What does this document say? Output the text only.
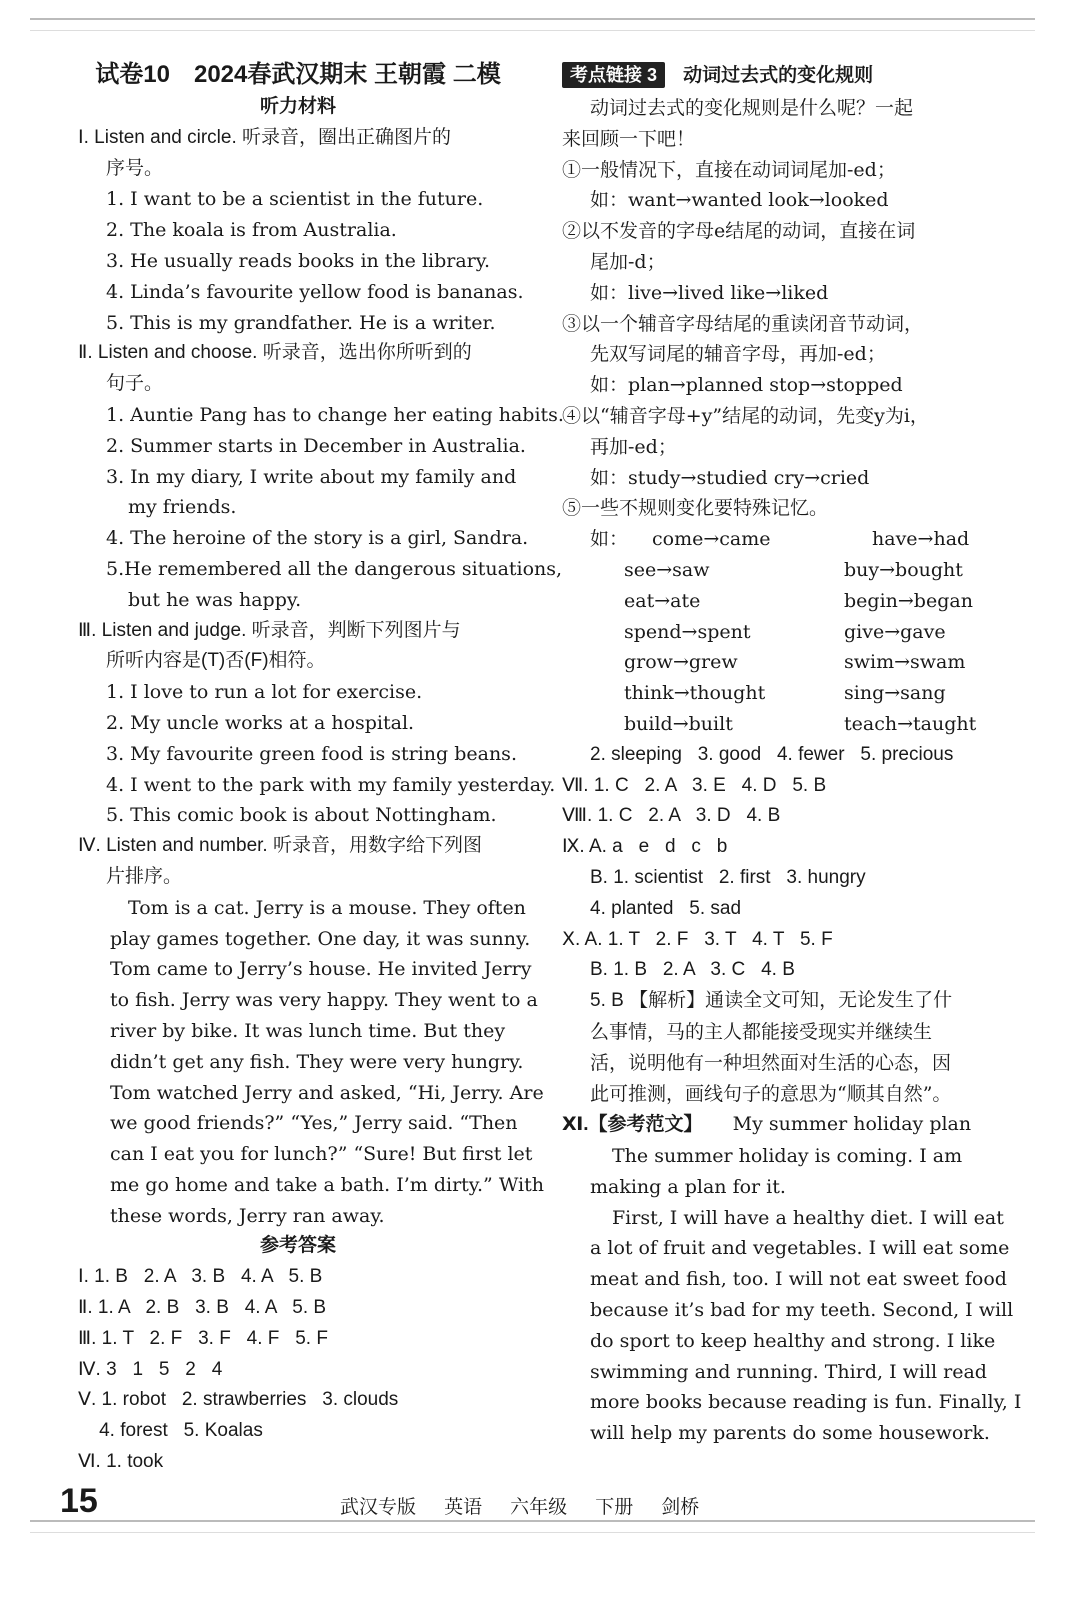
试卷10　2024春武汉期末 王朝霞 二模
听力材料
Ⅰ. Listen and circle. 听录音，圈出正确图片的
序号。
1. I want to be a scientist in the future.
2. The koala is from Australia.
3. He usually reads books in the library.
4. Linda’s favourite yellow food is bananas.
5. This is my grandfather. He is a writer.
Ⅱ. Listen and choose. 听录音，选出你所听到的
句子。
1. Auntie Pang has to change her eating habits.
2. Summer starts in December in Australia.
3. In my diary, I write about my family and
my friends.
4. The heroine of the story is a girl, Sandra.
5.He remembered all the dangerous situations,
but he was happy.
Ⅲ. Listen and judge. 听录音，判断下列图片与
所听内容是(T)否(F)相符。
1. I love to run a lot for exercise.
2. My uncle works at a hospital.
3. My favourite green food is string beans.
4. I went to the park with my family yesterday.
5. This comic book is about Nottingham.
Ⅳ. Listen and number. 听录音，用数字给下列图
片排序。
Tom is a cat. Jerry is a mouse. They often
play games together. One day, it was sunny.
Tom came to Jerry’s house. He invited Jerry
to fish. Jerry was very happy. They went to a
river by bike. It was lunch time. But they
didn’t get any fish. They were very hungry.
Tom watched Jerry and asked, “Hi, Jerry. Are
we good friends?” “Yes,” Jerry said. “Then
can I eat you for lunch?” “Sure! But first let
me go home and take a bath. I’m dirty.” With
these words, Jerry ran away.
参考答案
Ⅰ. 1. B   2. A   3. B   4. A   5. B
Ⅱ. 1. A   2. B   3. B   4. A   5. B
Ⅲ. 1. T   2. F   3. F   4. F   5. F
Ⅳ. 3   1   5   2   4
Ⅴ. 1. robot   2. strawberries   3. clouds
4. forest   5. Koalas
Ⅵ. 1. took
考点链接 3 动词过去式的变化规则
动词过去式的变化规则是什么呢？一起
来回顾一下吧！
①一般情况下，直接在动词词尾加-ed；
如：want→wanted look→looked
②以不发音的字母e结尾的动词，直接在词
尾加-d；
如：live→lived like→liked
③以一个辅音字母结尾的重读闭音节动词，
先双写词尾的辅音字母，再加-ed；
如：plan→planned stop→stopped
④以“辅音字母+y”结尾的动词，先变y为i，
再加-ed；
如：study→studied cry→cried
⑤一些不规则变化要特殊记忆。
如：	come→came	have→had
see→saw	buy→bought
eat→ate	begin→began
spend→spent	give→gave
grow→grew	swim→swam
think→thought	sing→sang
build→built	teach→taught
2. sleeping   3. good   4. fewer   5. precious
Ⅶ. 1. C   2. A   3. E   4. D   5. B
Ⅷ. 1. C   2. A   3. D   4. B
Ⅸ. A. a   e   d   c   b
B. 1. scientist   2. first   3. hungry
4. planted   5. sad
Ⅹ. A. 1. T   2. F   3. T   4. T   5. F
B. 1. B   2. A   3. C   4. B
5. B 【解析】通读全文可知，无论发生了什
么事情，马的主人都能接受现实并继续生
活，说明他有一种坦然面对生活的心态，因
此可推测，画线句子的意思为“顺其自然”。
Ⅺ.【参考范文】 My summer holiday plan
The summer holiday is coming. I am
making a plan for it.
First, I will have a healthy diet. I will eat
a lot of fruit and vegetables. I will eat some
meat and fish, too. I will not eat sweet food
because it’s bad for my teeth. Second, I will
do sport to keep healthy and strong. I like
swimming and running. Third, I will read
more books because reading is fun. Finally, I
will help my parents do some housework.
15	武汉专版 英语 六年级 下册 剑桥
